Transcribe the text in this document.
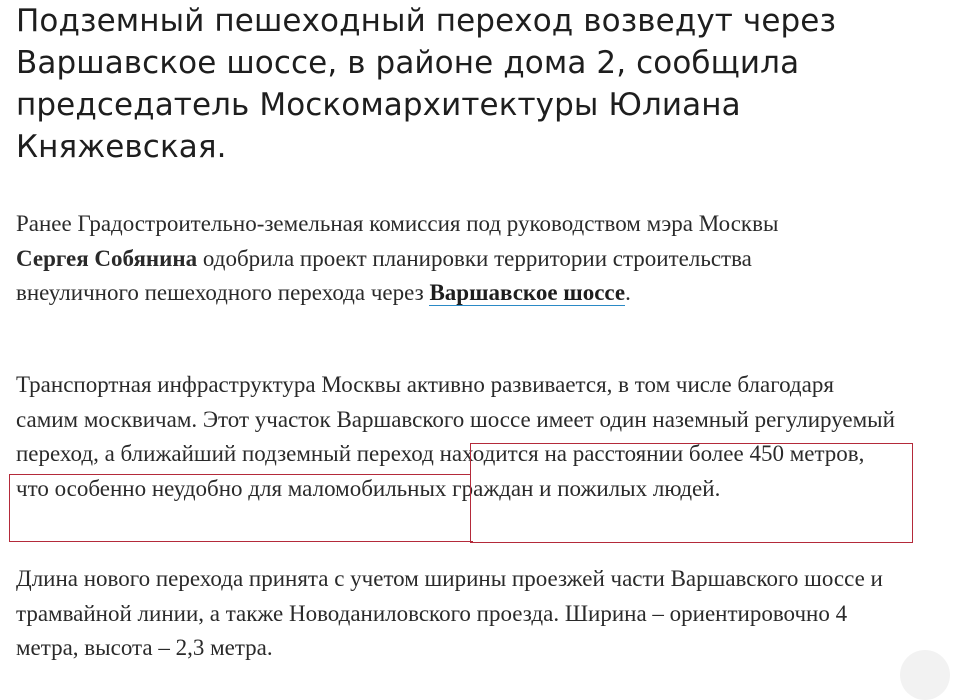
Подземный пешеходный переход возведут через Варшавское шоссе, в районе дома 2, сообщила председатель Москомархитектуры Юлиана Княжевская.

Ранее Градостроительно-земельная комиссия под руководством мэра Москвы Сергея Собянина одобрила проект планировки территории строительства внеуличного пешеходного перехода через Варшавское шоссе.

Транспортная инфраструктура Москвы активно развивается, в том числе благодаря самим москвичам. Этот участок Варшавского шоссе имеет один наземный регулируемый переход, а ближайший подземный переход находится на расстоянии более 450 метров, что особенно неудобно для маломобильных граждан и пожилых людей.

Длина нового перехода принята с учетом ширины проезжей части Варшавского шоссе и трамвайной линии, а также Новоданиловского проезда. Ширина – ориентировочно 4 метра, высота – 2,3 метра.
